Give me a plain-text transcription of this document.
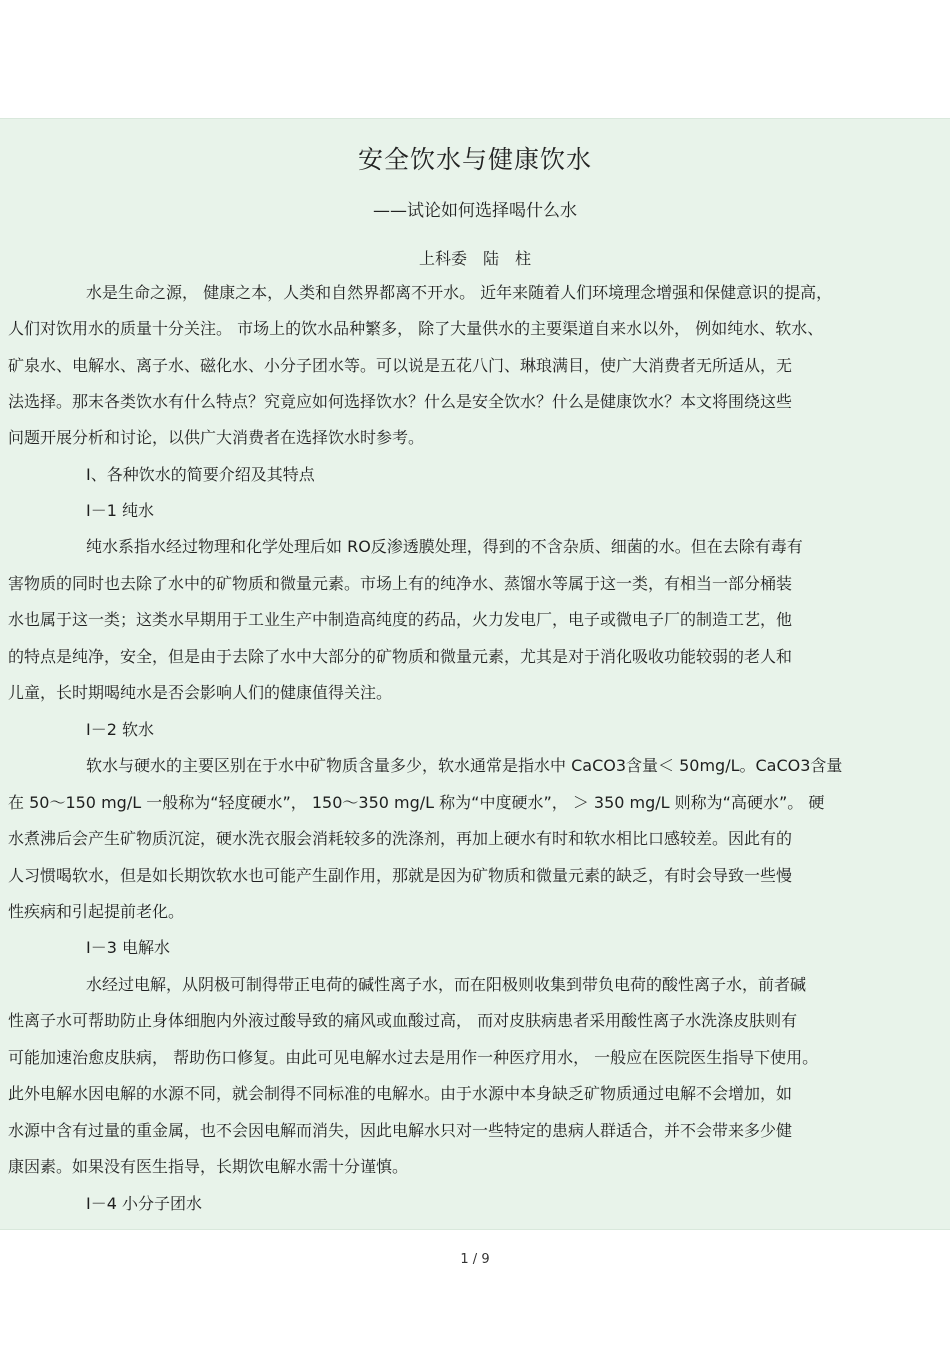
安全饮水与健康饮水
——试论如何选择喝什么水
上科委　陆　柱
水是生命之源， 健康之本，人类和自然界都离不开水。 近年来随着人们环境理念增强和保健意识的提高，
人们对饮用水的质量十分关注。 市场上的饮水品种繁多， 除了大量供水的主要渠道自来水以外， 例如纯水、软水、
矿泉水、电解水、离子水、磁化水、小分子团水等。可以说是五花八门、琳琅满目，使广大消费者无所适从，无
法选择。那末各类饮水有什么特点？究竟应如何选择饮水？什么是安全饮水？什么是健康饮水？本文将围绕这些
问题开展分析和讨论，以供广大消费者在选择饮水时参考。
Ⅰ、各种饮水的简要介绍及其特点
Ⅰ－1 纯水
纯水系指水经过物理和化学处理后如 RO反渗透膜处理，得到的不含杂质、细菌的水。但在去除有毒有
害物质的同时也去除了水中的矿物质和微量元素。市场上有的纯净水、蒸馏水等属于这一类，有相当一部分桶装
水也属于这一类；这类水早期用于工业生产中制造高纯度的药品，火力发电厂，电子或微电子厂的制造工艺，他
的特点是纯净，安全，但是由于去除了水中大部分的矿物质和微量元素，尤其是对于消化吸收功能较弱的老人和
儿童，长时期喝纯水是否会影响人们的健康值得关注。
Ⅰ－2 软水
软水与硬水的主要区别在于水中矿物质含量多少，软水通常是指水中 CaCO3含量＜ 50mg/L。CaCO3含量
在 50～150 mg/L 一般称为“轻度硬水”， 150～350 mg/L 称为“中度硬水”， ＞ 350 mg/L 则称为“高硬水”。 硬
水煮沸后会产生矿物质沉淀，硬水洗衣服会消耗较多的洗涤剂，再加上硬水有时和软水相比口感较差。因此有的
人习惯喝软水，但是如长期饮软水也可能产生副作用，那就是因为矿物质和微量元素的缺乏，有时会导致一些慢
性疾病和引起提前老化。
Ⅰ－3 电解水
水经过电解，从阴极可制得带正电荷的碱性离子水，而在阳极则收集到带负电荷的酸性离子水，前者碱
性离子水可帮助防止身体细胞内外液过酸导致的痛风或血酸过高， 而对皮肤病患者采用酸性离子水洗涤皮肤则有
可能加速治愈皮肤病， 帮助伤口修复。由此可见电解水过去是用作一种医疗用水， 一般应在医院医生指导下使用。
此外电解水因电解的水源不同，就会制得不同标准的电解水。由于水源中本身缺乏矿物质通过电解不会增加，如
水源中含有过量的重金属，也不会因电解而消失，因此电解水只对一些特定的患病人群适合，并不会带来多少健
康因素。如果没有医生指导，长期饮电解水需十分谨慎。
Ⅰ－4 小分子团水
1 / 9
